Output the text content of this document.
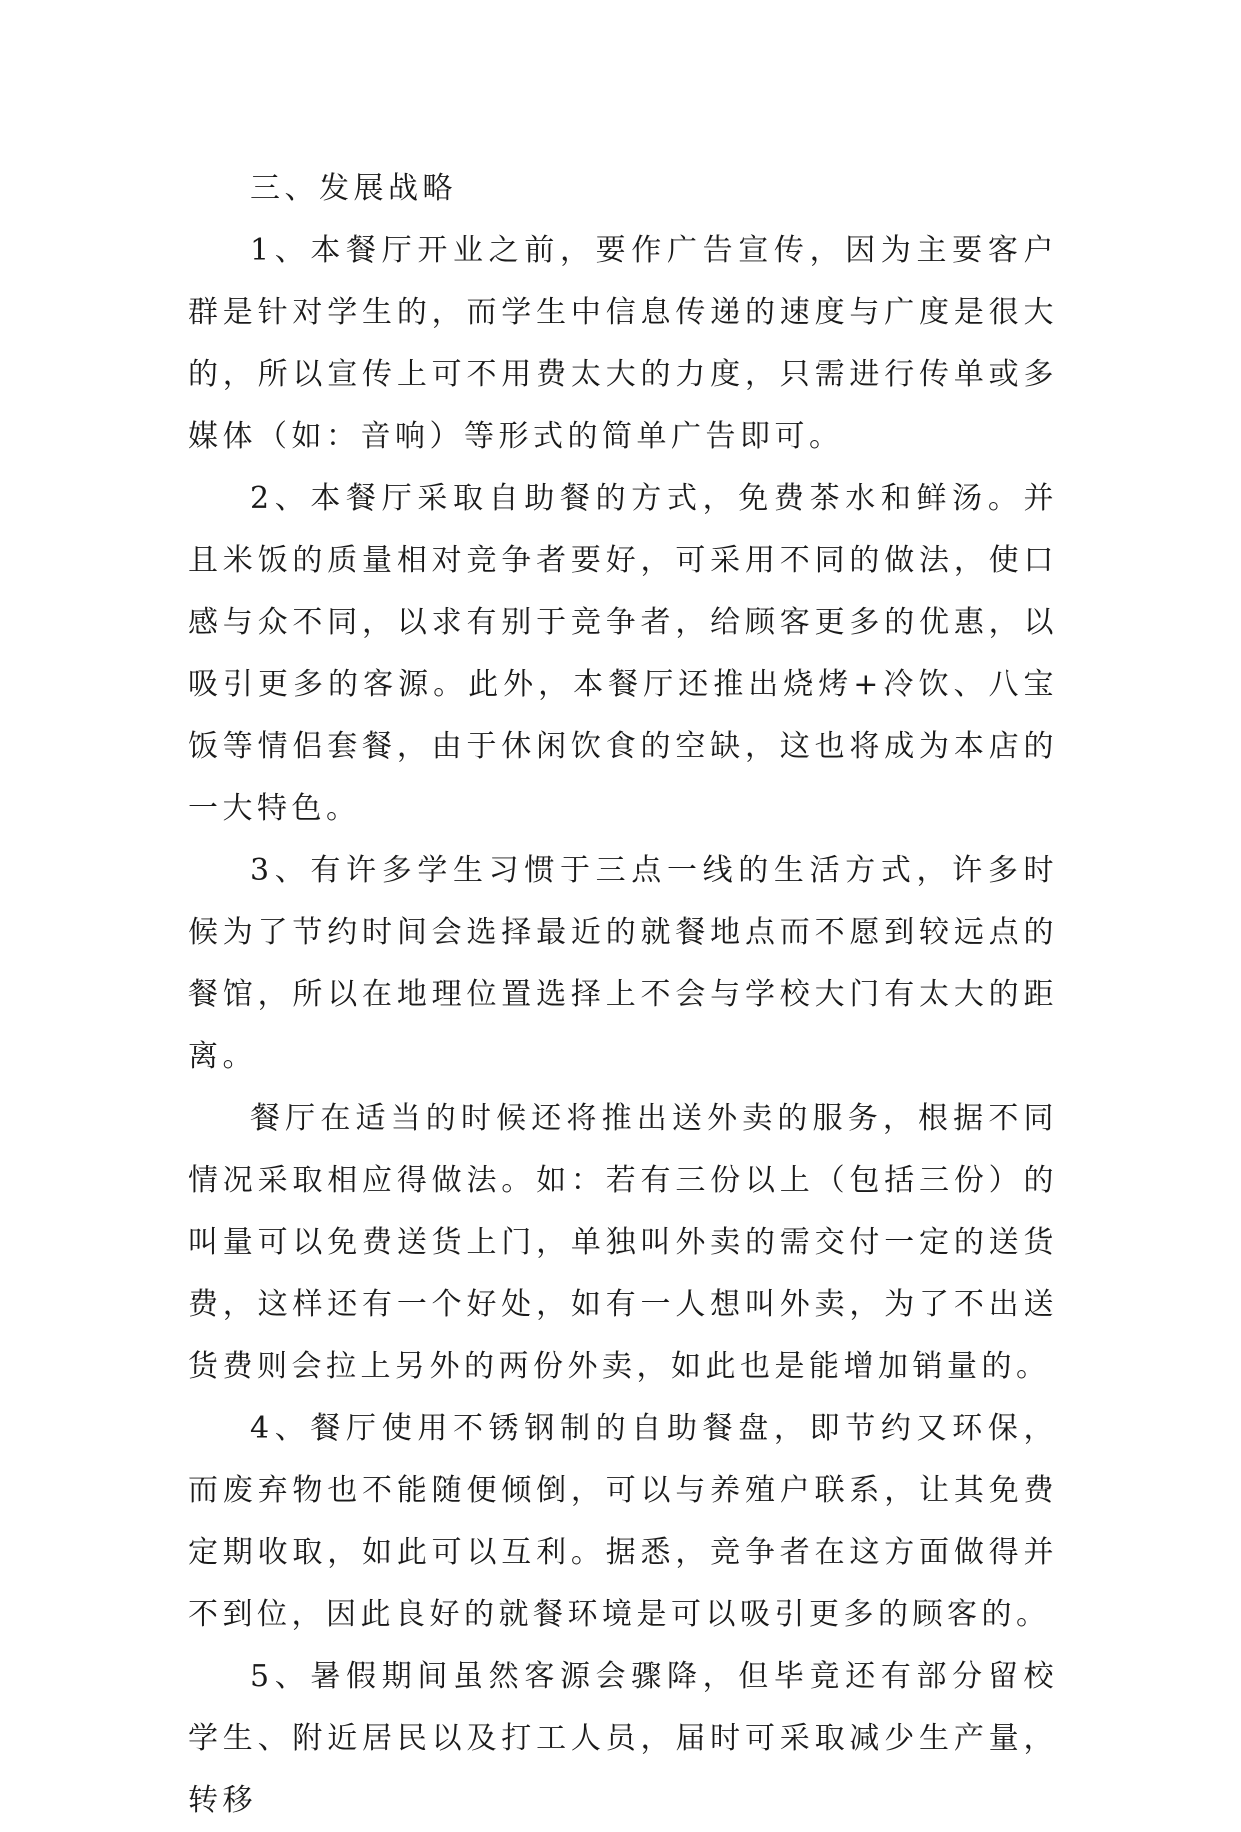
三、发展战略

1、本餐厅开业之前，要作广告宣传，因为主要客户群是针对学生的，而学生中信息传递的速度与广度是很大的，所以宣传上可不用费太大的力度，只需进行传单或多媒体（如：音响）等形式的简单广告即可。

2、本餐厅采取自助餐的方式，免费茶水和鲜汤。并且米饭的质量相对竞争者要好，可采用不同的做法，使口感与众不同，以求有别于竞争者，给顾客更多的优惠，以吸引更多的客源。此外，本餐厅还推出烧烤+冷饮、八宝饭等情侣套餐，由于休闲饮食的空缺，这也将成为本店的一大特色。

3、有许多学生习惯于三点一线的生活方式，许多时候为了节约时间会选择最近的就餐地点而不愿到较远点的餐馆，所以在地理位置选择上不会与学校大门有太大的距离。

餐厅在适当的时候还将推出送外卖的服务，根据不同情况采取相应得做法。如：若有三份以上（包括三份）的叫量可以免费送货上门，单独叫外卖的需交付一定的送货费，这样还有一个好处，如有一人想叫外卖，为了不出送货费则会拉上另外的两份外卖，如此也是能增加销量的。

4、餐厅使用不锈钢制的自助餐盘，即节约又环保，而废弃物也不能随便倾倒，可以与养殖户联系，让其免费定期收取，如此可以互利。据悉，竞争者在这方面做得并不到位，因此良好的就餐环境是可以吸引更多的顾客的。

5、暑假期间虽然客源会骤降，但毕竟还有部分留校学生、附近居民以及打工人员，届时可采取减少生产量，转移
